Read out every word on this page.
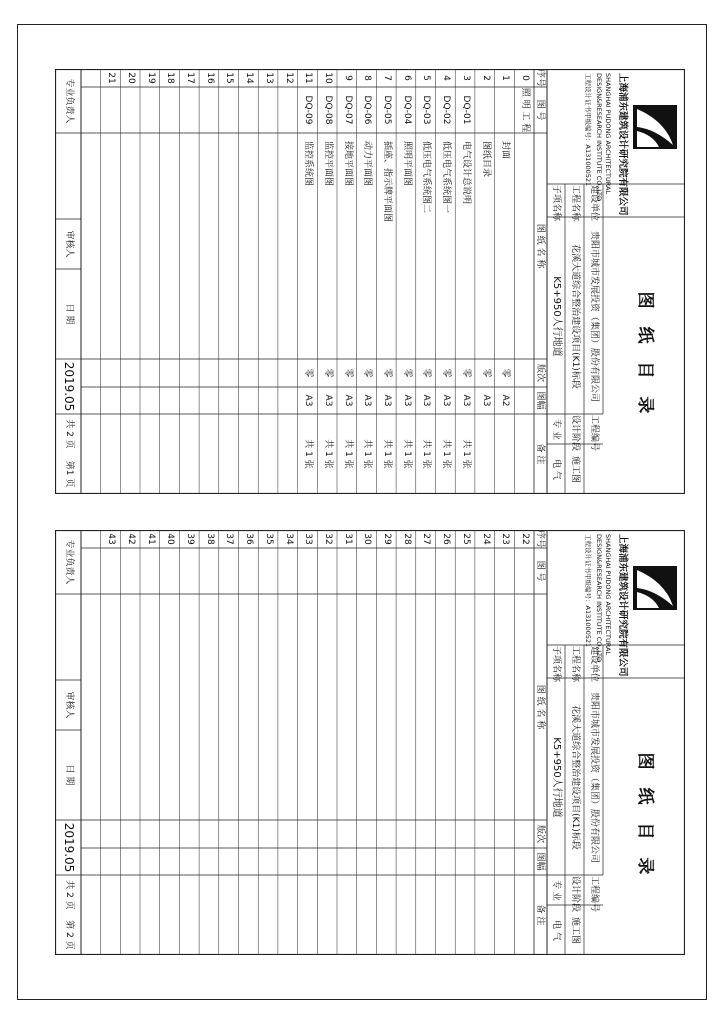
上海浦东建筑设计研究院有限公司
SHANGHAI PUDONG ARCHITECTURAL
DESIGN&RESEARCH INSTITUTE CO.,LTD
工程设计证书甲级编号：A131000521
图 纸 目 录
建设单位
贵阳市城市发展投资（集团）股份有限公司
工程名称
花溪大道综合整治建设项目(K1)标段
子项名称
K5+950人行地道
工程编号
设计阶段
施工图
专 业
电 气
序号
图 号
图 纸 名 称
版次
图幅
备 注
0
照 明 工 程
1
封面
零
A2
2
图纸目录
零
A3
3
DQ-01
电气设计总说明
零
A3
共 1 张
4
DQ-02
低压电气系统图一
零
A3
共 1 张
5
DQ-03
低压电气系统图二
零
A3
共 1 张
6
DQ-04
照明平面图
零
A3
共 1 张
7
DQ-05
插座、指示牌平面图
零
A3
共 1 张
8
DQ-06
动力平面图
零
A3
共 1 张
9
DQ-07
接地平面图
零
A3
共 1 张
10
DQ-08
监控平面图
零
A3
共 1 张
11
DQ-09
监控系统图
零
A3
共 1 张
12
13
14
15
16
17
18
19
20
21
专业负责人
审核人
日 期
2019.05
共 2 页
第1 页
上海浦东建筑设计研究院有限公司
SHANGHAI PUDONG ARCHITECTURAL
DESIGN&RESEARCH INSTITUTE CO.,LTD
工程设计证书甲级编号：A131000521
图 纸 目 录
建设单位
贵阳市城市发展投资（集团）股份有限公司
工程名称
花溪大道综合整治建设项目(K1)标段
子项名称
K5+950人行地道
工程编号
设计阶段
施工图
专 业
电 气
序号
图 号
图 纸 名 称
版次
图幅
备 注
22
23
24
25
26
27
28
29
30
31
32
33
34
35
36
37
38
39
40
41
42
43
专业负责人
审核人
日 期
2019.05
共 2 页
第 2 页
